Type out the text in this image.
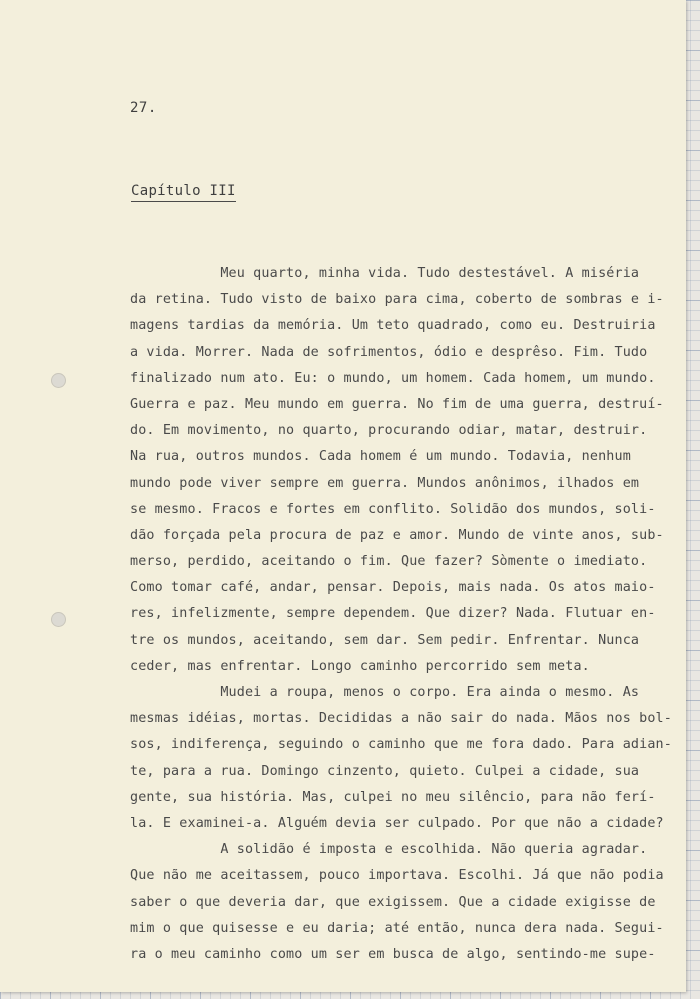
27.
Capítulo III
Meu quarto, minha vida. Tudo destestável. A miséria
da retina. Tudo visto de baixo para cima, coberto de sombras e i-
magens tardias da memória. Um teto quadrado, como eu. Destruiria
a vida. Morrer. Nada de sofrimentos, ódio e desprêso. Fim. Tudo
finalizado num ato. Eu: o mundo, um homem. Cada homem, um mundo.
Guerra e paz. Meu mundo em guerra. No fim de uma guerra, destruí-
do. Em movimento, no quarto, procurando odiar, matar, destruir.
Na rua, outros mundos. Cada homem é um mundo. Todavia, nenhum
mundo pode viver sempre em guerra. Mundos anônimos, ilhados em
se mesmo. Fracos e fortes em conflito. Solidão dos mundos, soli-
dão forçada pela procura de paz e amor. Mundo de vinte anos, sub-
merso, perdido, aceitando o fim. Que fazer? Sòmente o imediato.
Como tomar café, andar, pensar. Depois, mais nada. Os atos maio-
res, infelizmente, sempre dependem. Que dizer? Nada. Flutuar en-
tre os mundos, aceitando, sem dar. Sem pedir. Enfrentar. Nunca
ceder, mas enfrentar. Longo caminho percorrido sem meta.
Mudei a roupa, menos o corpo. Era ainda o mesmo. As
mesmas idéias, mortas. Decididas a não sair do nada. Mãos nos bol-
sos, indiferença, seguindo o caminho que me fora dado. Para adian-
te, para a rua. Domingo cinzento, quieto. Culpei a cidade, sua
gente, sua história. Mas, culpei no meu silêncio, para não ferí-
la. E examinei-a. Alguém devia ser culpado. Por que não a cidade?
A solidão é imposta e escolhida. Não queria agradar.
Que não me aceitassem, pouco importava. Escolhi. Já que não podia
saber o que deveria dar, que exigissem. Que a cidade exigisse de
mim o que quisesse e eu daria; até então, nunca dera nada. Segui-
ra o meu caminho como um ser em busca de algo, sentindo-me supe-
